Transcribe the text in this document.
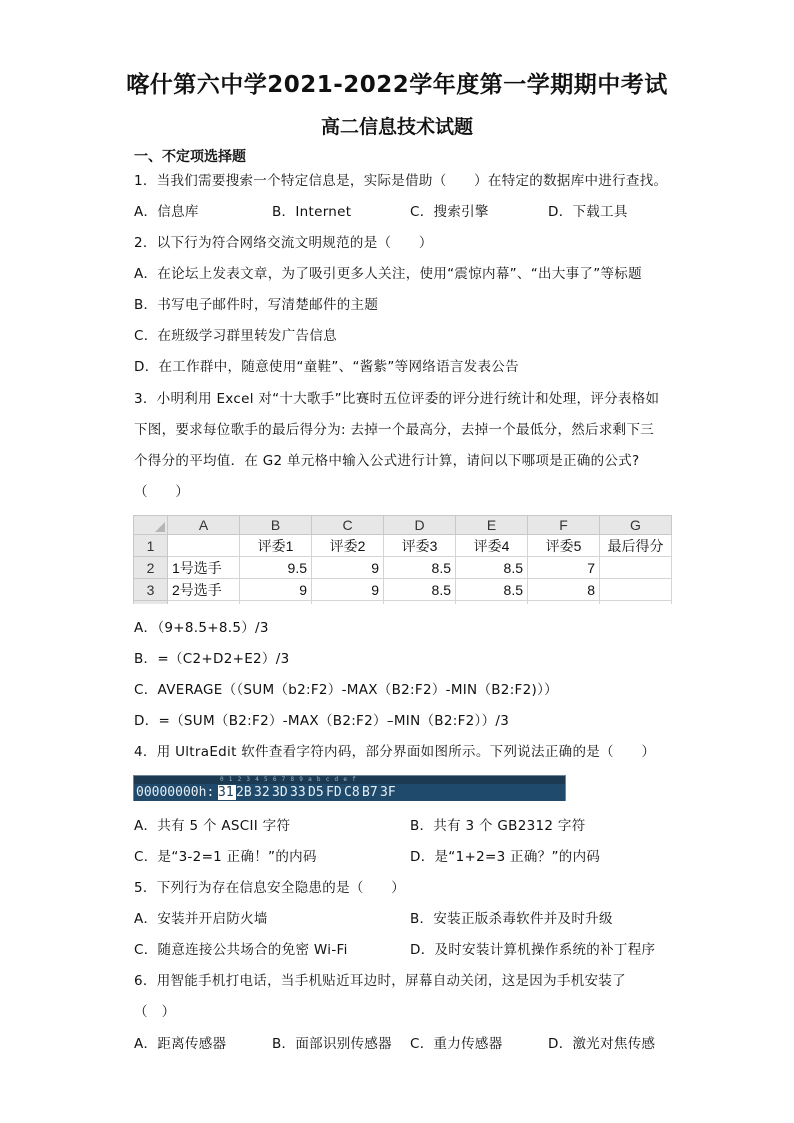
喀什第六中学2021-2022学年度第一学期期中考试
高二信息技术试题
一、不定项选择题
1．当我们需要搜索一个特定信息是，实际是借助（　　）在特定的数据库中进行查找。
A．信息库	B．Internet	C．搜索引擎	D．下载工具
2．以下行为符合网络交流文明规范的是（　　）
A．在论坛上发表文章，为了吸引更多人关注，使用“震惊内幕”、“出大事了”等标题
B．书写电子邮件时，写清楚邮件的主题
C．在班级学习群里转发广告信息
D．在工作群中，随意使用“童鞋”、“酱紫”等网络语言发表公告
3．小明利用 Excel 对“十大歌手”比赛时五位评委的评分进行统计和处理，评分表格如
下图，要求每位歌手的最后得分为: 去掉一个最高分，去掉一个最低分，然后求剩下三
个得分的平均值．在 G2 单元格中输入公式进行计算，请问以下哪项是正确的公式?
（　　）
	A	B	C	D	E	F	G
1		评委1	评委2	评委3	评委4	评委5	最后得分
2	1号选手	9.5	9	8.5	8.5	7	
3	2号选手	9	9	8.5	8.5	8	

A．（9+8.5+8.5）/3
B．=（C2+D2+E2）/3
C．AVERAGE（（SUM（b2:F2）-MAX（B2:F2）-MIN（B2:F2)））
D．=（SUM（B2:F2）-MAX（B2:F2）–MIN（B2:F2））/3
4．用 UltraEdit 软件查看字符内码，部分界面如图所示。下列说法正确的是（　　）
0123456789abcdef
00000000h: 31 2B 32 3D 33 D5 FD C8 B7 3F
A．共有 5 个 ASCII 字符	B．共有 3 个 GB2312 字符
C．是“3-2=1 正确！”的内码	D．是“1+2=3 正确？”的内码
5．下列行为存在信息安全隐患的是（　　）
A．安装并开启防火墙	B．安装正版杀毒软件并及时升级
C．随意连接公共场合的免密 Wi-Fi	D．及时安装计算机操作系统的补丁程序
6．用智能手机打电话，当手机贴近耳边时，屏幕自动关闭，这是因为手机安装了
（　）
A．距离传感器	B．面部识别传感器 C．重力传感器	D．激光对焦传感
